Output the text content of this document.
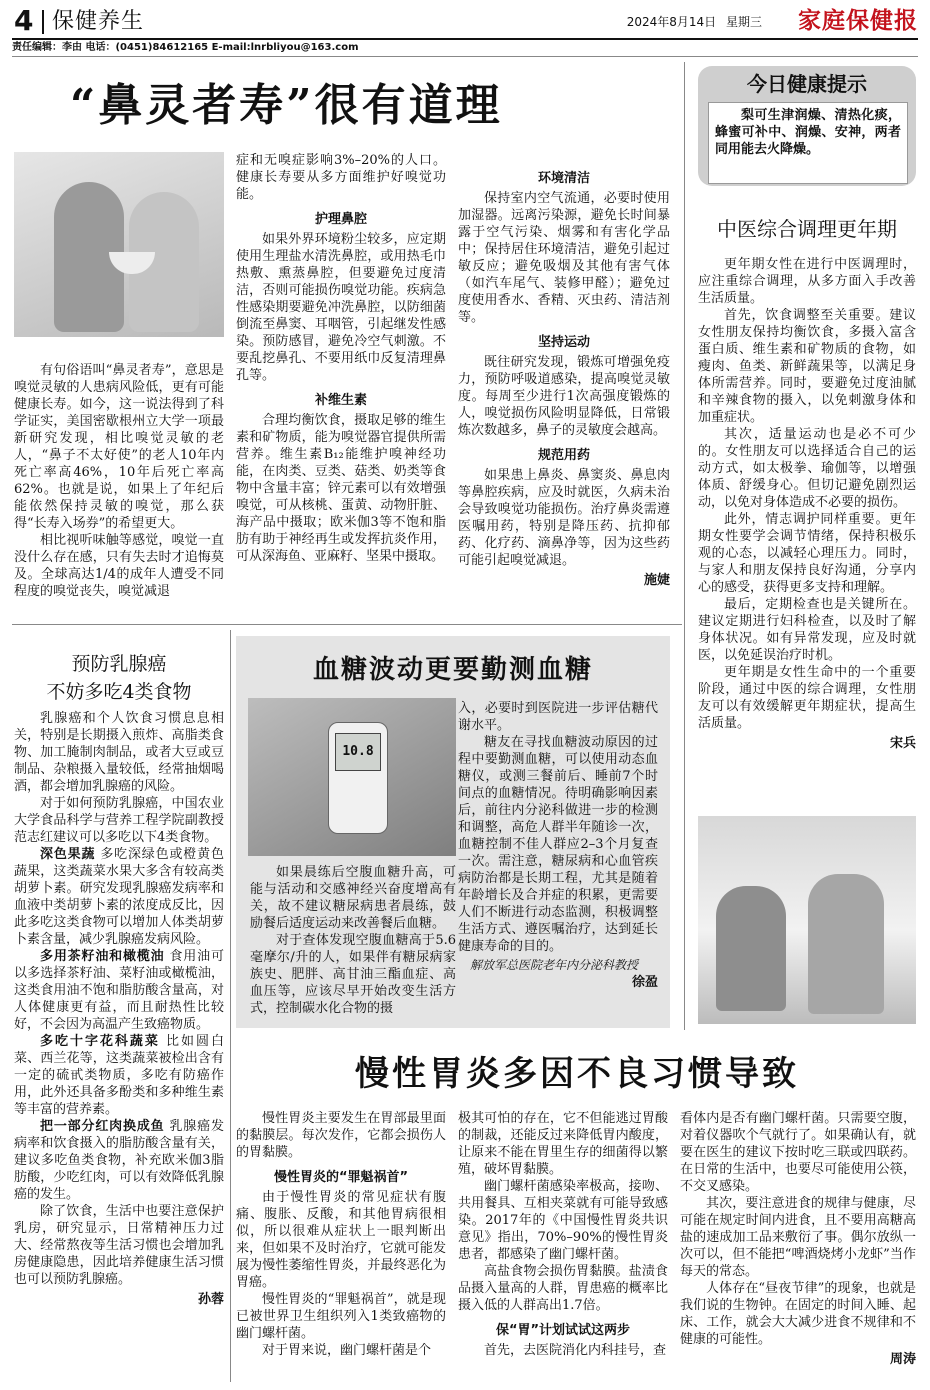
4 保健养生	2024年8月14日 星期三 家庭保健报
责任编辑：李由 电话：(0451)84612165 E-mail:lnrbliyou@163.com
“鼻灵者寿”很有道理

有句俗语叫“鼻灵者寿”，意思是嗅觉灵敏的人患病风险低，更有可能健康长寿。如今，这一说法得到了科学证实，美国密歇根州立大学一项最新研究发现，相比嗅觉灵敏的老人，“鼻子不太好使”的老人10年内死亡率高46%，10年后死亡率高62%。也就是说，如果上了年纪后能依然保持灵敏的嗅觉，那么获得“长寿入场券”的希望更大。

相比视听味触等感觉，嗅觉一直没什么存在感，只有失去时才追悔莫及。全球高达1/4的成年人遭受不同程度的嗅觉丧失，嗅觉减退

症和无嗅症影响3%–20%的人口。健康长寿要从多方面维护好嗅觉功能。

护理鼻腔

如果外界环境粉尘较多，应定期使用生理盐水清洗鼻腔，或用热毛巾热敷、熏蒸鼻腔，但要避免过度清洁，否则可能损伤嗅觉功能。疾病急性感染期要避免冲洗鼻腔，以防细菌倒流至鼻窦、耳咽管，引起继发性感染。预防感冒，避免冷空气刺激。不要乱挖鼻孔、不要用纸巾反复清理鼻孔等。

补维生素

合理均衡饮食，摄取足够的维生素和矿物质，能为嗅觉器官提供所需营养。维生素B₁₂能维护嗅神经功能，在肉类、豆类、菇类、奶类等食物中含量丰富；锌元素可以有效增强嗅觉，可从核桃、蛋黄、动物肝脏、海产品中摄取；欧米伽3等不饱和脂肪有助于神经再生或发挥抗炎作用，可从深海鱼、亚麻籽、坚果中摄取。

环境清洁

保持室内空气流通，必要时使用加湿器。远离污染源，避免长时间暴露于空气污染、烟雾和有害化学品中；保持居住环境清洁，避免引起过敏反应；避免吸烟及其他有害气体（如汽车尾气、装修甲醛）；避免过度使用香水、香精、灭虫药、清洁剂等。

坚持运动

既往研究发现，锻炼可增强免疫力，预防呼吸道感染，提高嗅觉灵敏度。每周至少进行1次高强度锻炼的人，嗅觉损伤风险明显降低，日常锻炼次数越多，鼻子的灵敏度会越高。

规范用药

如果患上鼻炎、鼻窦炎、鼻息肉等鼻腔疾病，应及时就医，久病未治会导致嗅觉功能损伤。治疗鼻炎需遵医嘱用药，特别是降压药、抗抑郁药、化疗药、滴鼻净等，因为这些药可能引起嗅觉减退。

施婕
今日健康提示
梨可生津润燥、清热化痰，蜂蜜可补中、润燥、安神，两者同用能去火降燥。
中医综合调理更年期

更年期女性在进行中医调理时，应注重综合调理，从多方面入手改善生活质量。

首先，饮食调整至关重要。建议女性朋友保持均衡饮食，多摄入富含蛋白质、维生素和矿物质的食物，如瘦肉、鱼类、新鲜蔬果等，以满足身体所需营养。同时，要避免过度油腻和辛辣食物的摄入，以免刺激身体和加重症状。

其次，适量运动也是必不可少的。女性朋友可以选择适合自己的运动方式，如太极拳、瑜伽等，以增强体质、舒缓身心。但切记避免剧烈运动，以免对身体造成不必要的损伤。

此外，情志调护同样重要。更年期女性要学会调节情绪，保持积极乐观的心态，以减轻心理压力。同时，与家人和朋友保持良好沟通，分享内心的感受，获得更多支持和理解。

最后，定期检查也是关键所在。建议定期进行妇科检查，以及时了解身体状况。如有异常发现，应及时就医，以免延误治疗时机。

更年期是女性生命中的一个重要阶段，通过中医的综合调理，女性朋友可以有效缓解更年期症状，提高生活质量。

宋兵
预防乳腺癌
不妨多吃4类食物

乳腺癌和个人饮食习惯息息相关，特别是长期摄入煎炸、高脂类食物、加工腌制肉制品，或者大豆或豆制品、杂粮摄入量较低，经常抽烟喝酒，都会增加乳腺癌的风险。

对于如何预防乳腺癌，中国农业大学食品科学与营养工程学院副教授范志红建议可以多吃以下4类食物。

深色果蔬 多吃深绿色或橙黄色蔬果，这类蔬菜水果大多含有较高类胡萝卜素。研究发现乳腺癌发病率和血液中类胡萝卜素的浓度成反比，因此多吃这类食物可以增加人体类胡萝卜素含量，减少乳腺癌发病风险。

多用茶籽油和橄榄油 食用油可以多选择茶籽油、菜籽油或橄榄油，这类食用油不饱和脂肪酸含量高，对人体健康更有益，而且耐热性比较好，不会因为高温产生致癌物质。

多吃十字花科蔬菜 比如圆白菜、西兰花等，这类蔬菜被检出含有一定的硫甙类物质，多吃有防癌作用，此外还具备多酚类和多种维生素等丰富的营养素。

把一部分红肉换成鱼 乳腺癌发病率和饮食摄入的脂肪酸含量有关，建议多吃鱼类食物，补充欧米伽3脂肪酸，少吃红肉，可以有效降低乳腺癌的发生。

除了饮食，生活中也要注意保护乳房，研究显示，日常精神压力过大、经常熬夜等生活习惯也会增加乳房健康隐患，因此培养健康生活习惯也可以预防乳腺癌。

孙蓉
血糖波动更要勤测血糖
10.8

如果晨练后空腹血糖升高，可能与活动和交感神经兴奋度增高有关，故不建议糖尿病患者晨练，鼓励餐后适度运动来改善餐后血糖。

对于查体发现空腹血糖高于5.6毫摩尔/升的人，如果伴有糖尿病家族史、肥胖、高甘油三酯血症、高血压等，应该尽早开始改变生活方式，控制碳水化合物的摄

入，必要时到医院进一步评估糖代谢水平。

糖友在寻找血糖波动原因的过程中要勤测血糖，可以使用动态血糖仪，或测三餐前后、睡前7个时间点的血糖情况。待明确影响因素后，前往内分泌科做进一步的检测和调整，高危人群半年随诊一次，血糖控制不佳人群应2–3个月复查一次。需注意，糖尿病和心血管疾病防治都是长期工程，尤其是随着年龄增长及合并症的积累，更需要人们不断进行动态监测，积极调整生活方式、遵医嘱治疗，达到延长健康寿命的目的。

解放军总医院老年内分泌科教授
徐盈
慢性胃炎多因不良习惯导致

慢性胃炎主要发生在胃部最里面的黏膜层。每次发作，它都会损伤人的胃黏膜。

慢性胃炎的“罪魁祸首”

由于慢性胃炎的常见症状有腹痛、腹胀、反酸，和其他胃病很相似，所以很难从症状上一眼判断出来，但如果不及时治疗，它就可能发展为慢性萎缩性胃炎，并最终恶化为胃癌。

慢性胃炎的“罪魁祸首”，就是现已被世界卫生组织列入1类致癌物的幽门螺杆菌。

对于胃来说，幽门螺杆菌是个

极其可怕的存在，它不但能逃过胃酸的制裁，还能反过来降低胃内酸度，让原来不能在胃里生存的细菌得以繁殖，破坏胃黏膜。

幽门螺杆菌感染率极高，接吻、共用餐具、互相夹菜就有可能导致感染。2017年的《中国慢性胃炎共识意见》指出，70%–90%的慢性胃炎患者，都感染了幽门螺杆菌。

高盐食物会损伤胃黏膜。盐渍食品摄入量高的人群，胃患癌的概率比摄入低的人群高出1.7倍。

保“胃”计划试试这两步

首先，去医院消化内科挂号，查

看体内是否有幽门螺杆菌。只需要空腹，对着仪器吹个气就行了。如果确认有，就要在医生的建议下按时吃三联或四联药。在日常的生活中，也要尽可能使用公筷，不交叉感染。

其次，要注意进食的规律与健康，尽可能在规定时间内进食，且不要用高糖高盐的速成加工品来敷衍了事。偶尔放纵一次可以，但不能把“啤酒烧烤小龙虾”当作每天的常态。

人体存在“昼夜节律”的现象，也就是我们说的生物钟。在固定的时间入睡、起床、工作，就会大大减少进食不规律和不健康的可能性。

周涛
